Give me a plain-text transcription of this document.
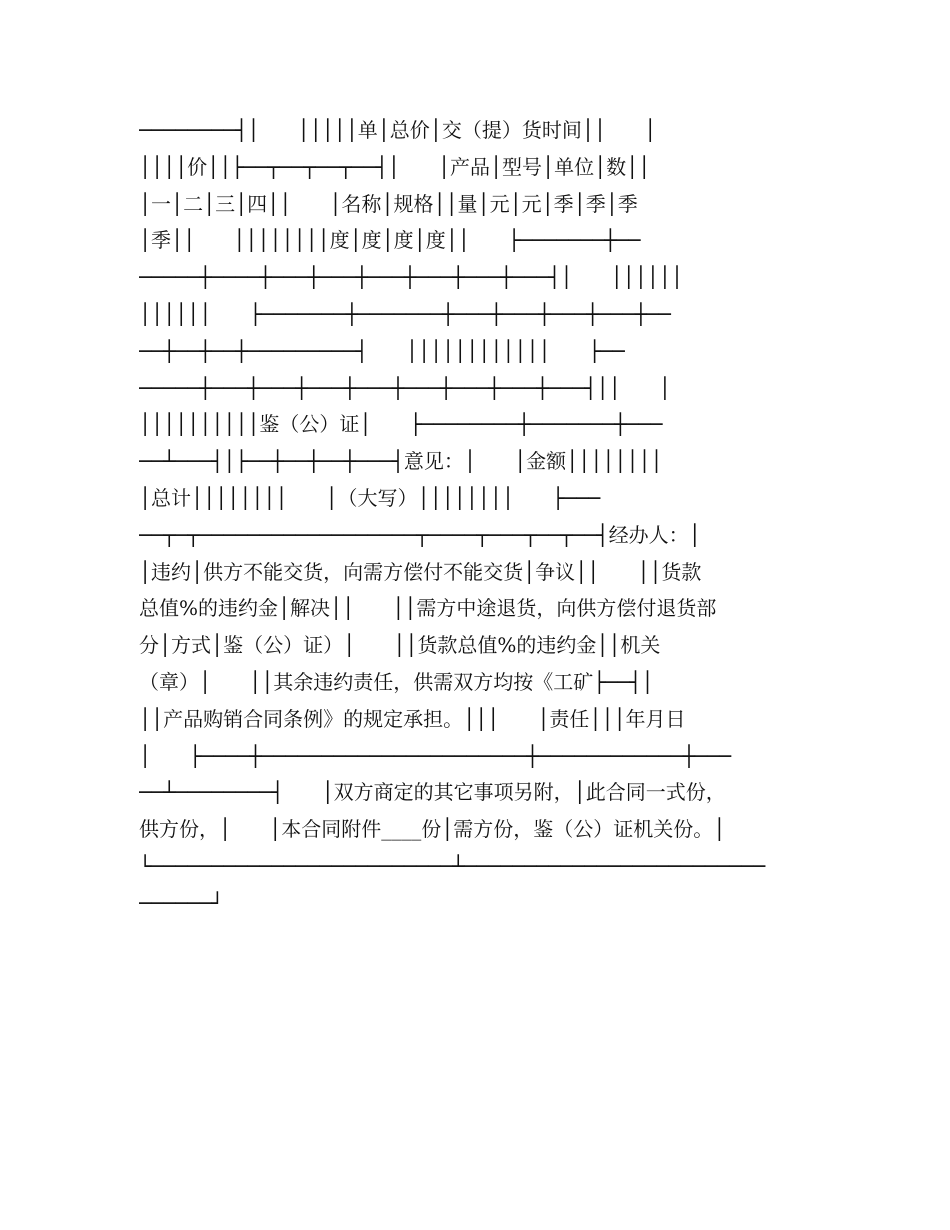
────────┤│      │││││单│总价│交（提）货时间││      │
││││价││├──┬──┬──┬──┤│      │产品│型号│单位│数││
│一│二│三│四││      │名称│规格││量│元│元│季│季│季
│季││      ││││││││度│度│度│度││      ├───────┼──
─────┼────┼───┼───┼───┼───┼───┼───┤│      ││││││
││││││      ├───────┼───────┼───┼───┼───┼───┼──
──┼──┼──┼─────────┤      ││││││││││││      ├──
─────┼───┼───┼───┼───┼───┼───┼───┼───┤││      │
││││││││││鉴（公）证│      ├────────┼───────┼───
──┴───┤│├──┼──┼──┼───┤意见：│      │金额││││││││
│总计││││││││      │（大写）││││││││      ├───
──┬─┬──────────────────┬────┬───┬──┬──┤经办人：│
│违约│供方不能交货，向需方偿付不能交货│争议││      ││货款
总值%的违约金│解决││      ││需方中途退货，向供方偿付退货部
分│方式│鉴（公）证）│      ││货款总值%的违约金││机关
（章）│      ││其余违约责任，供需双方均按《工矿├──┤│
││产品购销合同条例》的规定承担。│││      │责任│││年月日
│      ├────┼──────────────────────┼────────────┼───
──┴────────┤      │双方商定的其它事项另附，│此合同一式份，
供方份，│      │本合同附件____份│需方份，鉴（公）证机关份。│
└─────────────────────────┴─────────────────────────
──────┘
